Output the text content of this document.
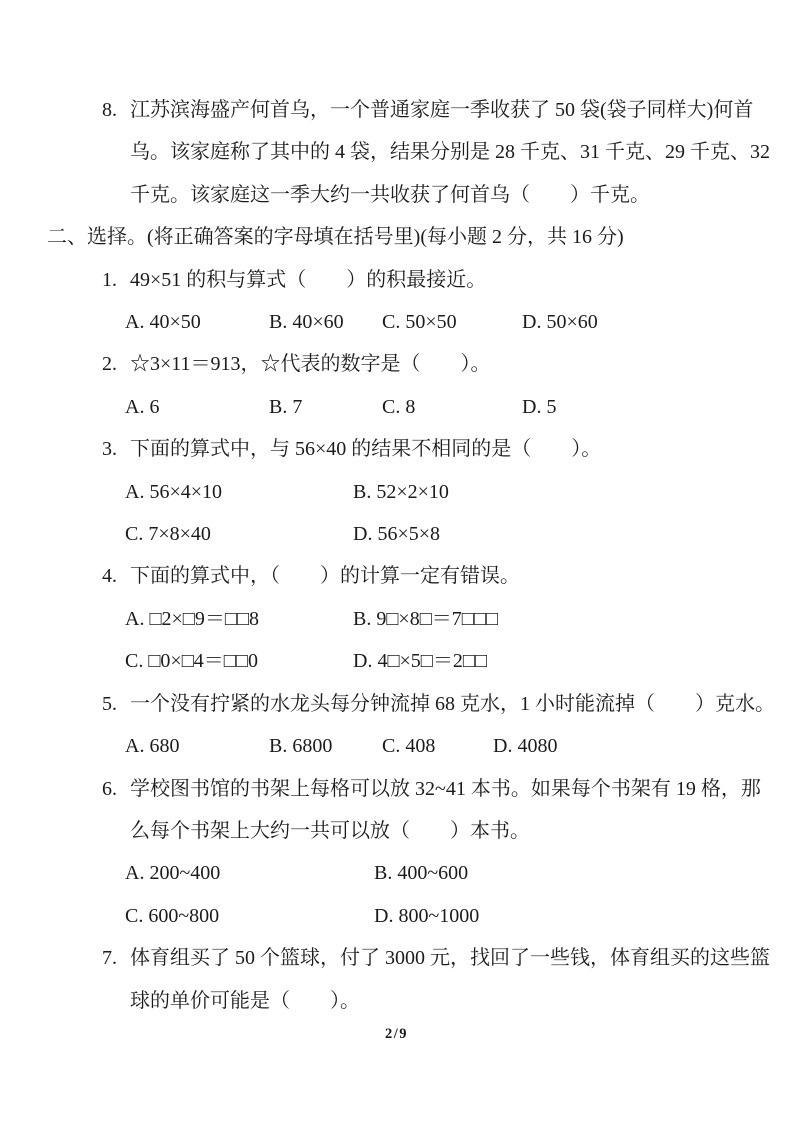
8. 江苏滨海盛产何首乌，一个普通家庭一季收获了 50 袋(袋子同样大)何首
乌。该家庭称了其中的 4 袋，结果分别是 28 千克、31 千克、29 千克、32
千克。该家庭这一季大约一共收获了何首乌（　　）千克。
二、选择。(将正确答案的字母填在括号里)(每小题 2 分，共 16 分)
1. 49×51 的积与算式（　　）的积最接近。
A. 40×50	B. 40×60	C. 50×50	D. 50×60
2. ☆3×11＝913，☆代表的数字是（　　）。
A. 6	B. 7	C. 8	D. 5
3. 下面的算式中，与 56×40 的结果不相同的是（　　）。
A. 56×4×10	B. 52×2×10
C. 7×8×40	D. 56×5×8
4. 下面的算式中，（　　）的计算一定有错误。
A. □2×□9＝□□8	B. 9□×8□＝7□□□
C. □0×□4＝□□0	D. 4□×5□＝2□□
5. 一个没有拧紧的水龙头每分钟流掉 68 克水，1 小时能流掉（　　）克水。
A. 680	B. 6800	C. 408	D. 4080
6. 学校图书馆的书架上每格可以放 32~41 本书。如果每个书架有 19 格，那
么每个书架上大约一共可以放（　　）本书。
A. 200~400	B. 400~600
C. 600~800	D. 800~1000
7. 体育组买了 50 个篮球，付了 3000 元，找回了一些钱，体育组买的这些篮
球的单价可能是（　　）。
2/9
